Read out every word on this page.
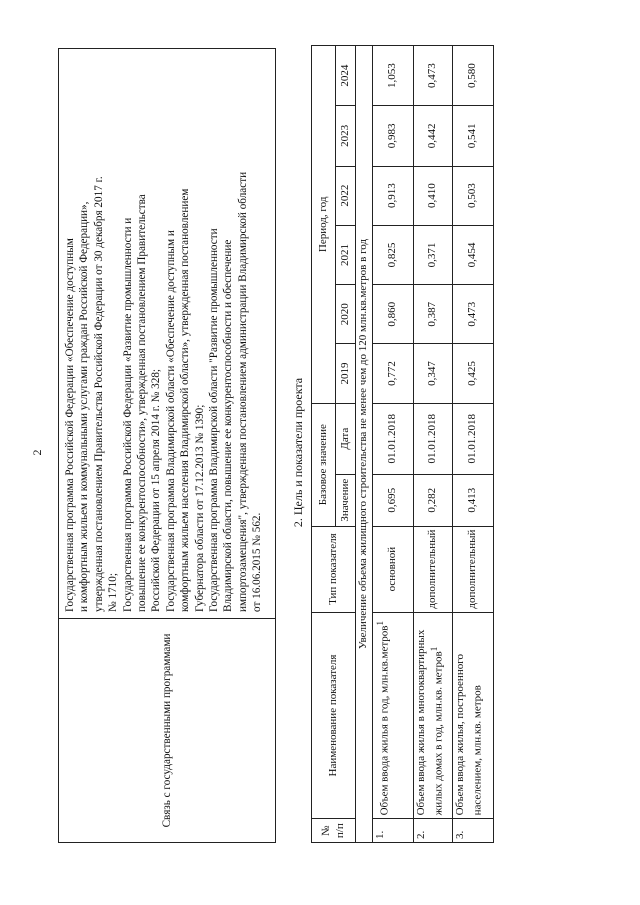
2
Связь с государственными программами	
Государственная программа Российской Федерации «Обеспечение доступным и комфортным жильем и коммунальными услугами граждан Российской Федерации», утвержденная постановлением Правительства Российской Федерации от 30 декабря 2017 г. № 1710; Государственная программа Российской Федерации «Развитие промышленности и повышение ее конкурентоспособности», утвержденная постановлением Правительства Российской Федерации от 15 апреля 2014 г. № 328; Государственная программа Владимирской области «Обеспечение доступным и комфортным жильем населения Владимирской области», утвержденная постановлением Губернатора области от 17.12.2013 № 1390; Государственная программа Владимирской области "Развитие промышленности Владимирской области, повышение ее конкурентоспособности и обеспечение импортозамещения", утвержденная постановлением администрации Владимирской области от 16.06.2015 № 562.
2. Цель и показатели проекта
№ п/п	Наименование показателя	Тип показателя	Базовое значение		Период, год					
			Значение	Дата	2019	2020	2021	2022	2023	2024
Увеличение объема жилищного строительства не менее чем до 120 млн.кв.метров в год										
1.	Объем ввода жилья в год, млн.кв.метров$^1$	основной	0,695	01.01.2018	0,772	0,860	0,825	0,913	0,983	1,053
2.	Объем ввода жилья в многоквартирных жилых домах в год, млн.кв. метров$^1$	дополнительный	0,282	01.01.2018	0,347	0,387	0,371	0,410	0,442	0,473
3.	Объем ввода жилья, построенного населением, млн.кв. метров	дополнительный	0,413	01.01.2018	0,425	0,473	0,454	0,503	0,541	0,580
